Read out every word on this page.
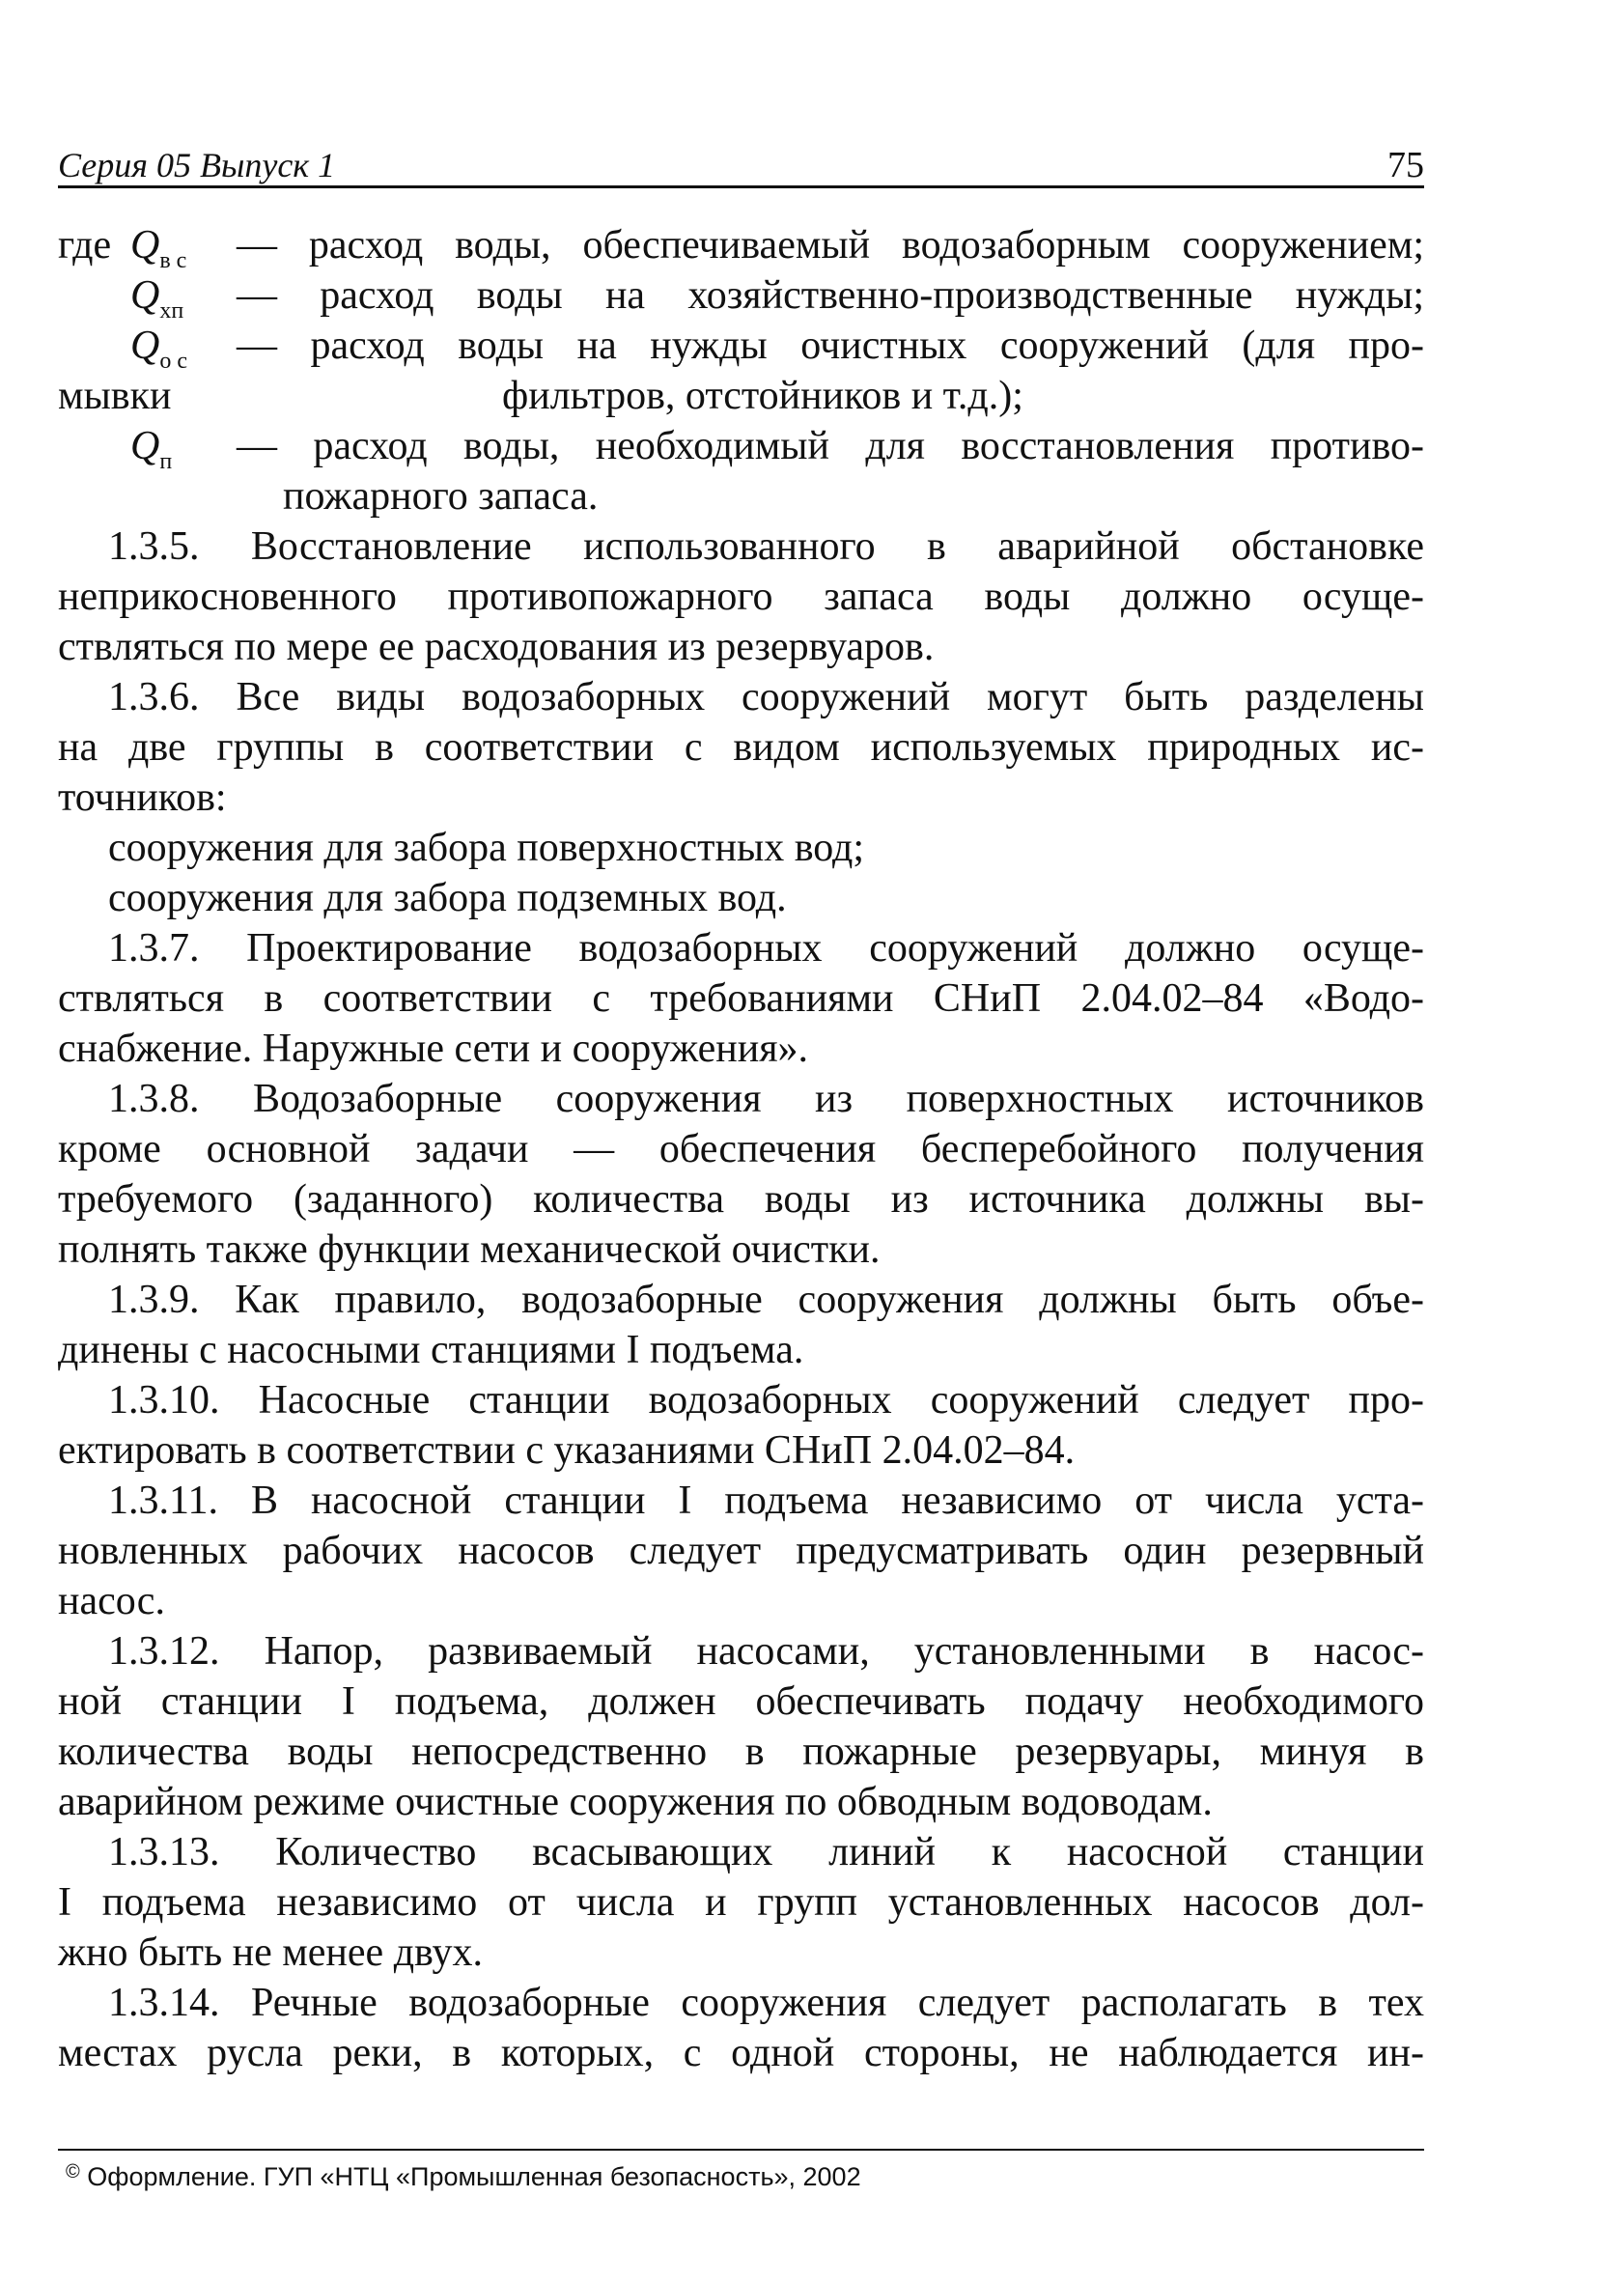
Серия 05 Выпуск 1	75
где $Q_{в с}$ — расход воды, обеспечиваемый водозаборным сооружением;
$Q_{хп}$ — расход воды на хозяйственно-производственные нужды;
$Q_{о с}$ — расход воды на нужды очистных сооружений (для про-
мывки	фильтров, отстойников и т.д.);
$Q_п$ — расход воды, необходимый для восстановления противо-
пожарного запаса.
1.3.5. Восстановление использованного в аварийной обстановке
неприкосновенного противопожарного запаса воды должно осуще-
ствляться по мере ее расходования из резервуаров.
1.3.6. Все виды водозаборных сооружений могут быть разделены
на две группы в соответствии с видом используемых природных ис-
точников:
сооружения для забора поверхностных вод;
сооружения для забора подземных вод.
1.3.7. Проектирование водозаборных сооружений должно осуще-
ствляться в соответствии с требованиями СНиП 2.04.02–84 «Водо-
снабжение. Наружные сети и сооружения».
1.3.8. Водозаборные сооружения из поверхностных источников
кроме основной задачи — обеспечения бесперебойного получения
требуемого (заданного) количества воды из источника должны вы-
полнять также функции механической очистки.
1.3.9. Как правило, водозаборные сооружения должны быть объе-
динены с насосными станциями I подъема.
1.3.10. Насосные станции водозаборных сооружений следует про-
ектировать в соответствии с указаниями СНиП 2.04.02–84.
1.3.11. В насосной станции I подъема независимо от числа уста-
новленных рабочих насосов следует предусматривать один резервный
насос.
1.3.12. Напор, развиваемый насосами, установленными в насос-
ной станции I подъема, должен обеспечивать подачу необходимого
количества воды непосредственно в пожарные резервуары, минуя в
аварийном режиме очистные сооружения по обводным водоводам.
1.3.13. Количество всасывающих линий к насосной станции
I подъема независимо от числа и групп установленных насосов дол-
жно быть не менее двух.
1.3.14. Речные водозаборные сооружения следует располагать в тех
местах русла реки, в которых, с одной стороны, не наблюдается ин-
© Оформление. ГУП «НТЦ «Промышленная безопасность», 2002
